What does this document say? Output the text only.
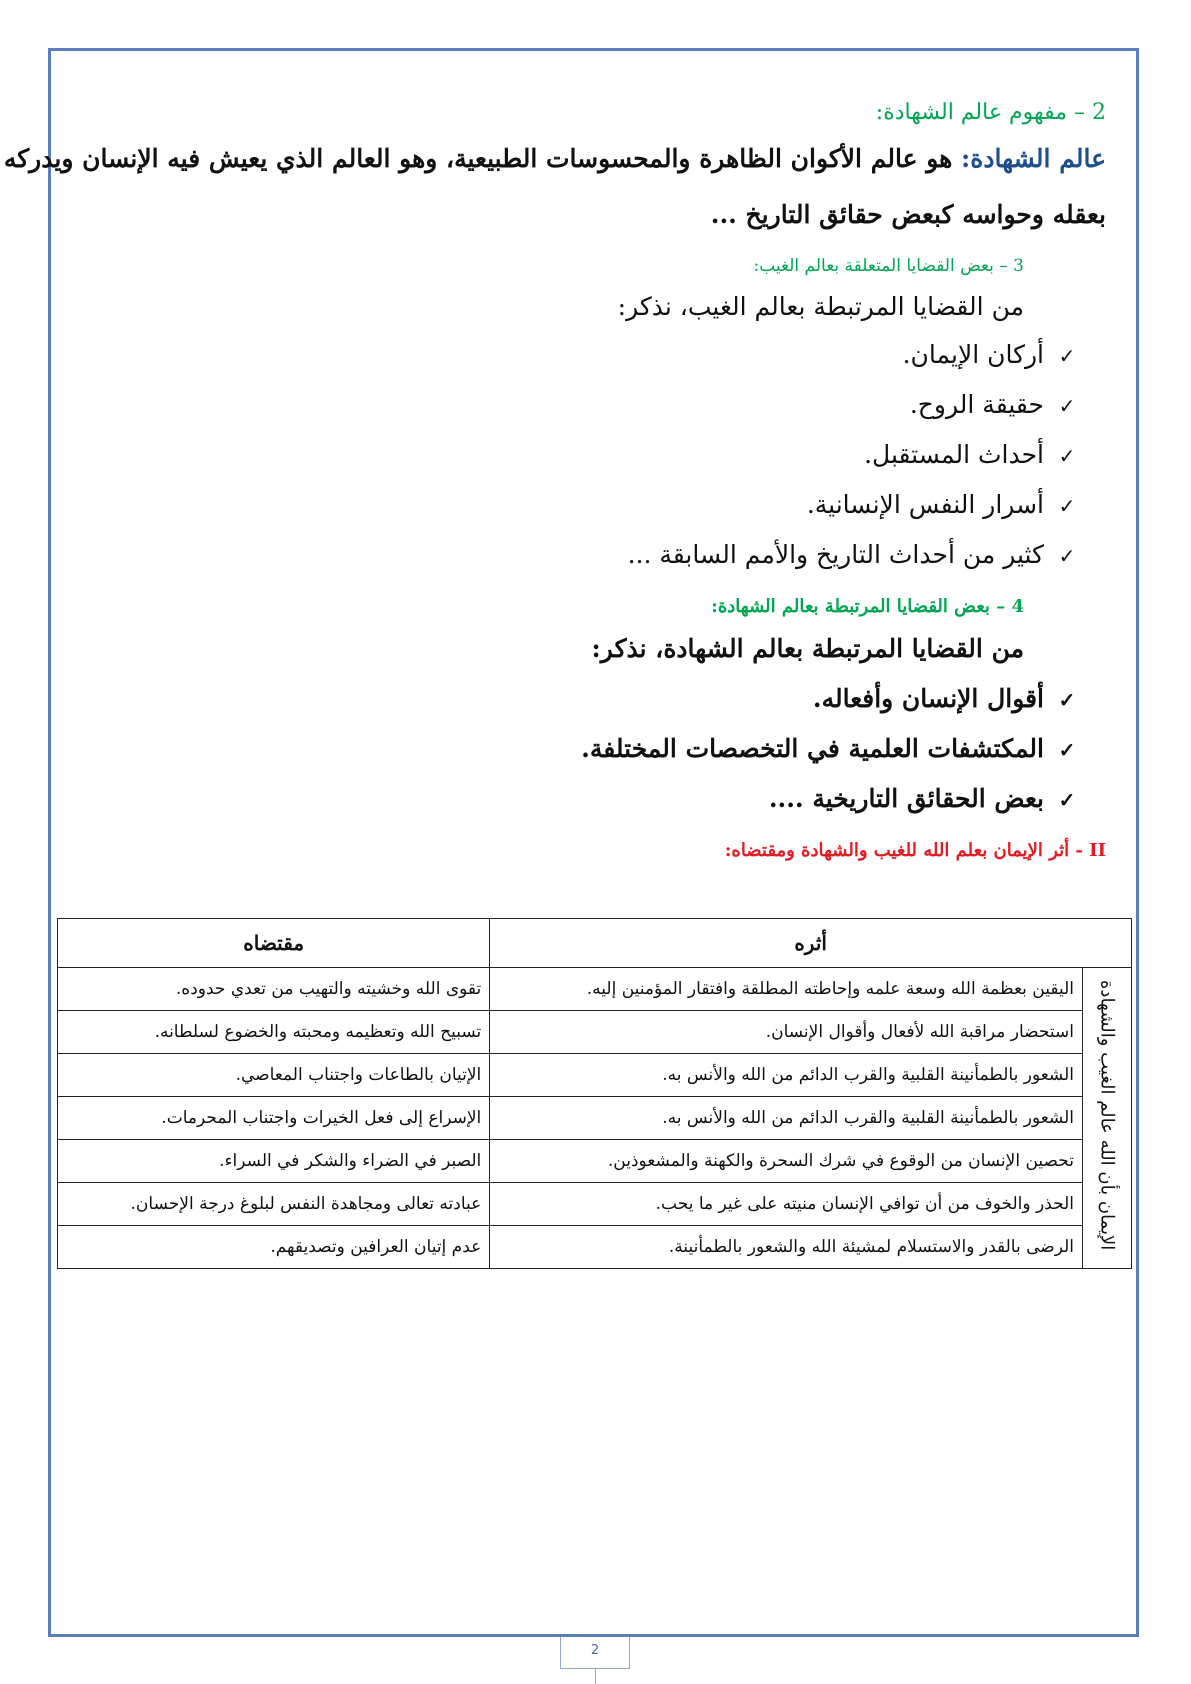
2 – مفهوم عالم الشهادة:
عالم الشهادة: هو عالم الأكوان الظاهرة والمحسوسات الطبيعية، وهو العالم الذي يعيش فيه الإنسان ويدركه
بعقله وحواسه كبعض حقائق التاريخ ...
3 – بعض القضايا المتعلقة بعالم الغيب:
من القضايا المرتبطة بعالم الغيب، نذكر:
✓أركان الإيمان.
✓حقيقة الروح.
✓أحداث المستقبل.
✓أسرار النفس الإنسانية.
✓كثير من أحداث التاريخ والأمم السابقة ...
4 – بعض القضايا المرتبطة بعالم الشهادة:
من القضايا المرتبطة بعالم الشهادة، نذكر:
✓أقوال الإنسان وأفعاله.
✓المكتشفات العلمية في التخصصات المختلفة.
✓بعض الحقائق التاريخية ....
II - أثر الإيمان بعلم الله للغيب والشهادة ومقتضاه:
أثره		مقتضاه
الإيمان بأن الله عالم الغيب والشهادة	اليقين بعظمة الله وسعة علمه وإحاطته المطلقة وافتقار المؤمنين إليه.	تقوى الله وخشيته والتهيب من تعدي حدوده.
	استحضار مراقبة الله لأفعال وأقوال الإنسان.	تسبيح الله وتعظيمه ومحبته والخضوع لسلطانه.
	الشعور بالطمأنينة القلبية والقرب الدائم من الله والأنس به.	الإتيان بالطاعات واجتناب المعاصي.
	الشعور بالطمأنينة القلبية والقرب الدائم من الله والأنس به.	الإسراع إلى فعل الخيرات واجتناب المحرمات.
	تحصين الإنسان من الوقوع في شرك السحرة والكهنة والمشعوذين.	الصبر في الضراء والشكر في السراء.
	الحذر والخوف من أن توافي الإنسان منيته على غير ما يحب.	عبادته تعالى ومجاهدة النفس لبلوغ درجة الإحسان.
	الرضى بالقدر والاستسلام لمشيئة الله والشعور بالطمأنينة.	عدم إتيان العرافين وتصديقهم.
2
